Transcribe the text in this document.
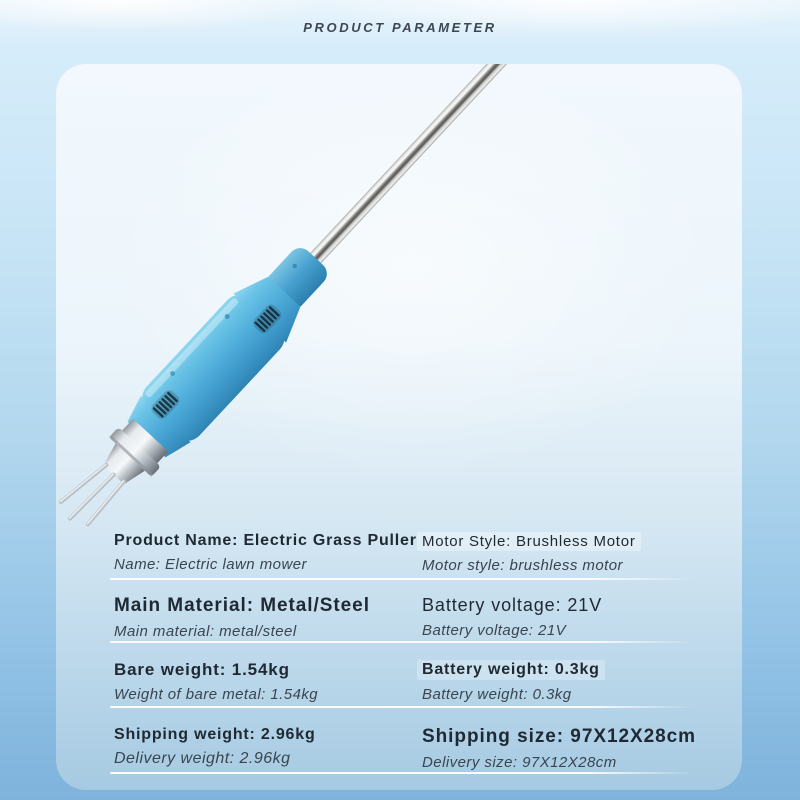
PRODUCT PARAMETER
Product Name: Electric Grass Puller
Name: Electric lawn mower
Motor Style: Brushless Motor
Motor style: brushless motor
Main Material: Metal/Steel
Main material: metal/steel
Battery voltage: 21V
Battery voltage: 21V
Bare weight: 1.54kg
Weight of bare metal: 1.54kg
Battery weight: 0.3kg
Battery weight: 0.3kg
Shipping weight: 2.96kg
Delivery weight: 2.96kg
Shipping size: 97X12X28cm
Delivery size: 97X12X28cm
